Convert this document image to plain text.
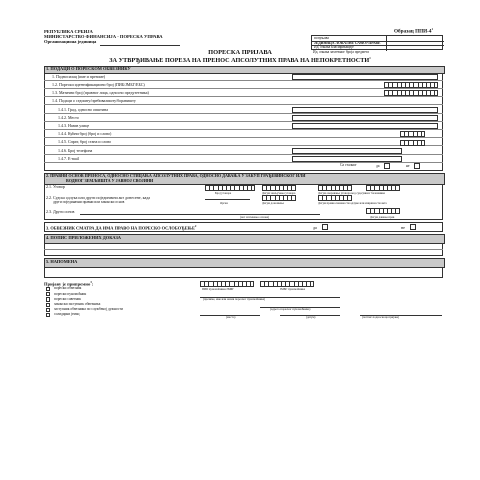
РЕПУБЛИКА СРБИЈА
МИНИСТАРСТВО ФИНАНСИЈА - ПОРЕСКА УПРАВА
Организациона јединица
Образац ППИ-$4^1$
попуњава
ЈЕДИНИЦА ЛОКАЛНЕ САМОУПРАВЕ
Ид. ознака класификације
Ид. ознака захтевног броја предмета
ПОРЕСКА ПРИЈАВА
ЗА УТВРЂИВАЊЕ ПОРЕЗА НА ПРЕНОС АПСОЛУТНИХ ПРАВА НА НЕПОКРЕТНОСТИ$^1$
1. ПОДАЦИ О ПОРЕСКОМ ОБВЕЗНИКУ
1. Подносилац (име и презиме)
1.2. Порески идентификациони број (ПИБ/ЈМБГ/ЕБС)
1.3. Матични број (правног лица, односно предузетника)
1.4. Подаци о седишту/пребивалишту/боравишту
1.4.1. Град, односно општина
1.4.2. Место
1.4.3. Назив улице
1.4.4. Кућни број (број и слово)
1.4.5. Спрат, број стана и слово
1.4.6. Број телефона
1.4.7. E-mail
Са сталног	да	не
2. ПРАВНИ ОСНОВ ПРЕНОСА, ОДНОСНО СТИЦАЊА АПСОЛУТНИХ ПРАВА, ОДНОСНО ДАВАЊА У ЗАКУП ГРАЂЕВИНСКОГ ИЛИ
ВОДНОГ ЗЕМЉИШТА У ЈАВНОЈ СВОЈИНИ
2.1. Уговор
Број уговора	Датум закључења уговора	Датум оверавања уговора код суда/јавног бележника
2.2. Судска одлука или други појединачни акт донесене, када
други појединачни правни или законски основ	Орган	Датум доношења	Датум правноснажности одлуке или извршности акта
2.3. Други основ
(акт захтевања основа)	Датум давања прав
3. ОБВЕЗНИК СМАТРА ДА ИМА ПРАВО НА ПОРЕСКО ОСЛОБОЂЕЊЕ$^2$	да	не
4. ПОПИС ПРИЛОЖЕНИХ ДОКАЗА
5. НАПОМЕНА
Пријаву је припремио$^3$:
порески обвезник
порески пуномоћник
порески саветник
законски заступник обвезника
заступник обвезника по службеној дужности
солидарни јемац
ПИБ пуномоћника/ЈМБГ	ЈМБГ пуномоћника
(презиме, име или назив пореског пуномоћника)
(адреса пореског пуномоћника)
(место)	(датум)	(потпис подносиоца пријаве)
